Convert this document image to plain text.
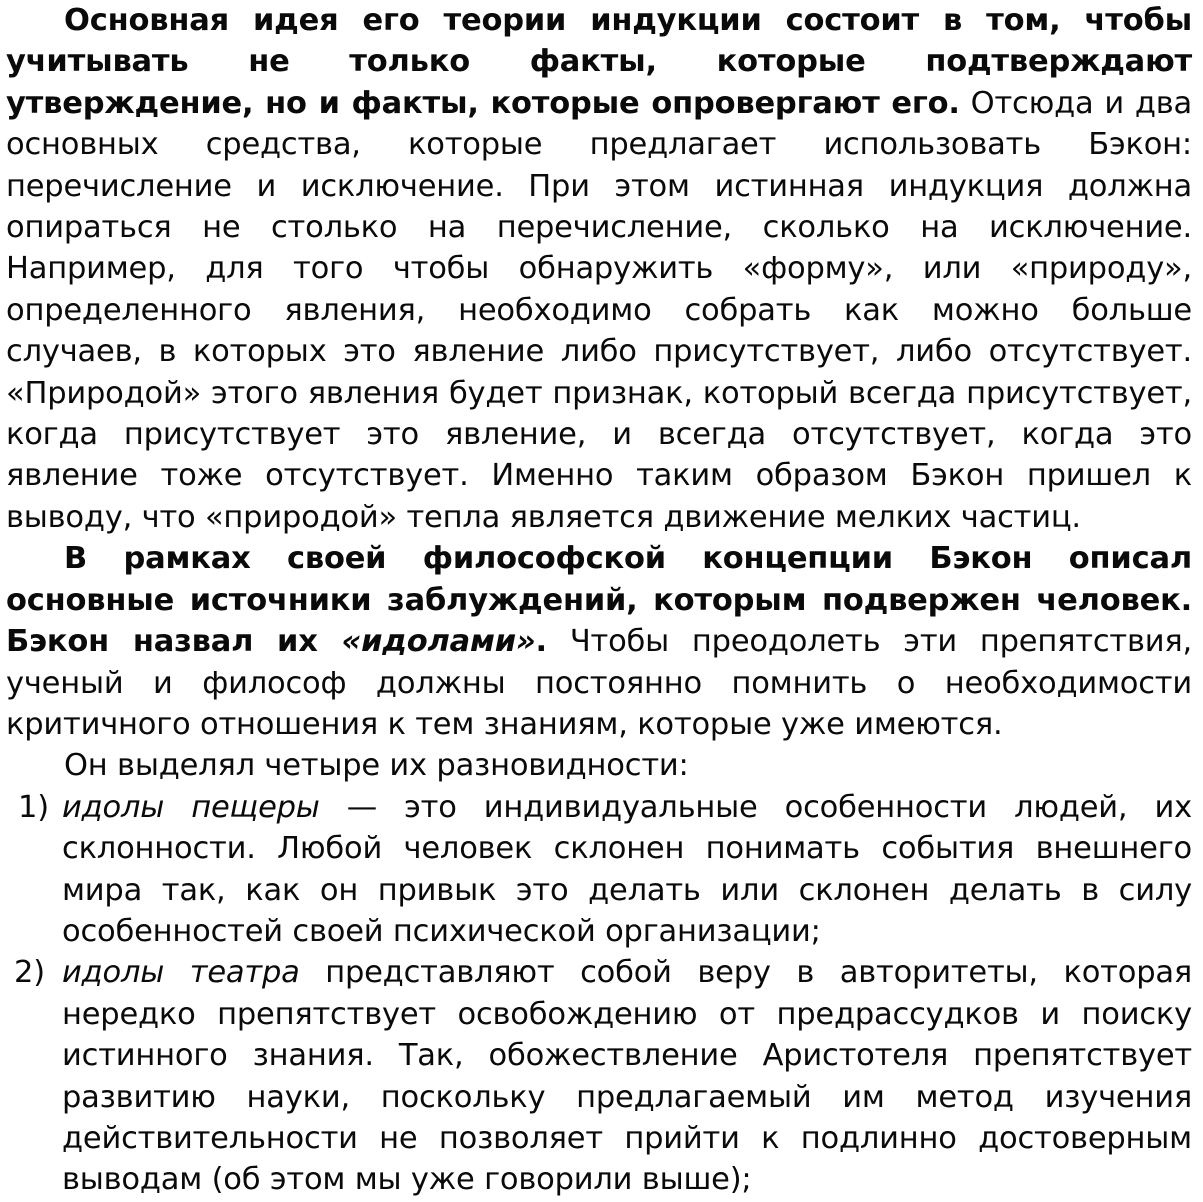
Основная идея его теории индукции состоит в том, чтобы учитывать не только факты, которые подтверждают утверждение, но и факты, которые опровергают его. Отсюда и два основных средства, которые предлагает использовать Бэкон: перечисление и исключение. При этом истинная индукция должна опираться не столько на перечисление, сколько на исключение. Например, для того чтобы обнаружить «форму», или «природу», определенного явления, необходимо собрать как можно больше случаев, в которых это явление либо присутствует, либо отсутствует. «Природой» этого явления будет признак, который всегда присутствует, когда присутствует это явление, и всегда отсутствует, когда это явление тоже отсутствует. Именно таким образом Бэкон пришел к выводу, что «природой» тепла является движение мелких частиц.

В рамках своей философской концепции Бэкон описал основные источники заблуждений, которым подвержен человек. Бэкон назвал их «идолами». Чтобы преодолеть эти препятствия, ученый и философ должны постоянно помнить о необходимости критичного отношения к тем знаниям, которые уже имеются.

Он выделял четыре их разновидности:

1) идолы пещеры — это индивидуальные особенности людей, их склонности. Любой человек склонен понимать события внешнего мира так, как он привык это делать или склонен делать в силу особенностей своей психической организации;
2) идолы театра представляют собой веру в авторитеты, которая нередко препятствует освобождению от предрассудков и поиску истинного знания. Так, обожествление Аристотеля препятствует развитию науки, поскольку предлагаемый им метод изучения действительности не позволяет прийти к подлинно достоверным выводам (об этом мы уже говорили выше);
